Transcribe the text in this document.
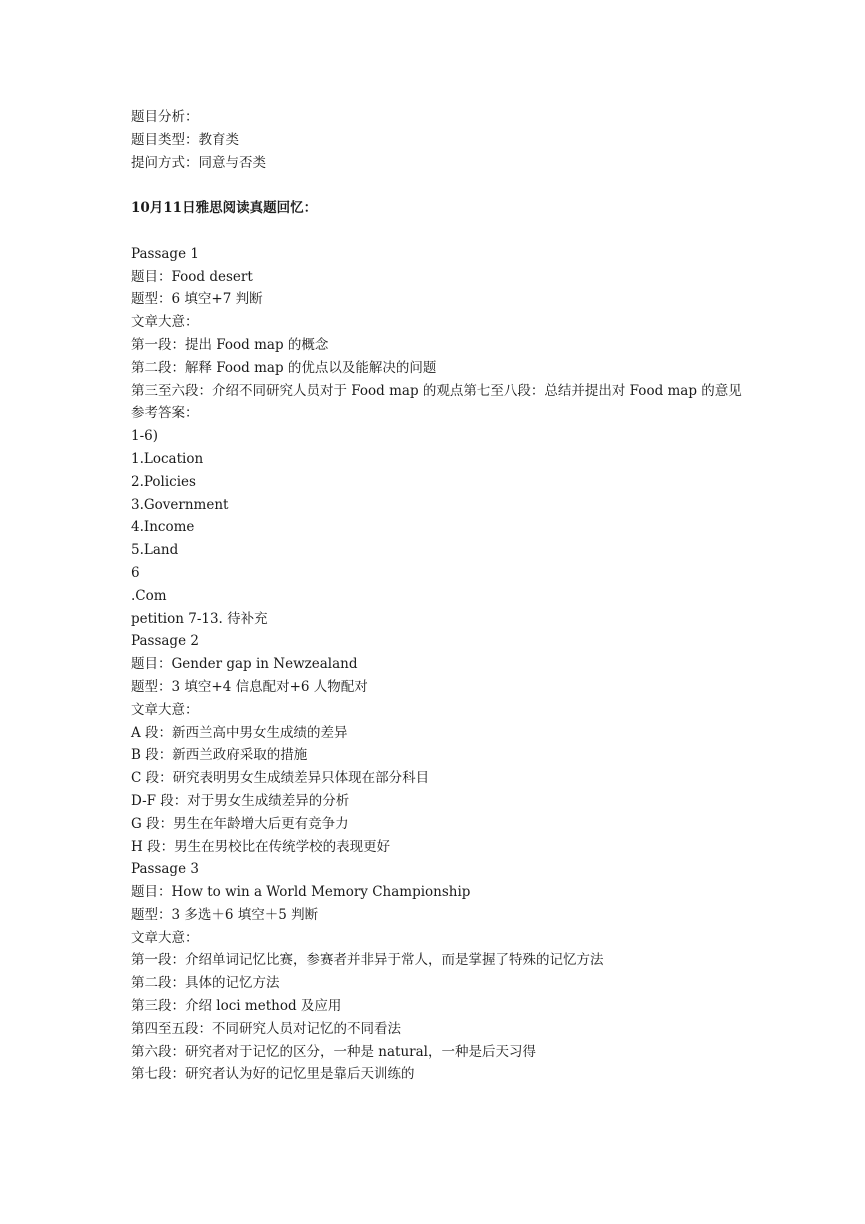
题目分析：
题目类型：教育类
提问方式：同意与否类
10月11日雅思阅读真题回忆：
Passage 1
题目：Food desert
题型：6 填空+7 判断
文章大意：
第一段：提出 Food map 的概念
第二段：解释 Food map 的优点以及能解决的问题
第三至六段：介绍不同研究人员对于 Food map 的观点第七至八段：总结并提出对 Food map 的意见
参考答案：
1-6)
1.Location
2.Policies
3.Government
4.Income
5.Land
6
.Com
petition 7-13. 待补充
Passage 2
题目：Gender gap in Newzealand
题型：3 填空+4 信息配对+6 人物配对
文章大意：
A 段：新西兰高中男女生成绩的差异
B 段：新西兰政府采取的措施
C 段：研究表明男女生成绩差异只体现在部分科目
D-F 段：对于男女生成绩差异的分析
G 段：男生在年龄增大后更有竞争力
H 段：男生在男校比在传统学校的表现更好
Passage 3
题目：How to win a World Memory Championship
题型：3 多选＋6 填空＋5 判断
文章大意：
第一段：介绍单词记忆比赛，参赛者并非异于常人，而是掌握了特殊的记忆方法
第二段：具体的记忆方法
第三段：介绍 loci method 及应用
第四至五段：不同研究人员对记忆的不同看法
第六段：研究者对于记忆的区分，一种是 natural，一种是后天习得
第七段：研究者认为好的记忆里是靠后天训练的
